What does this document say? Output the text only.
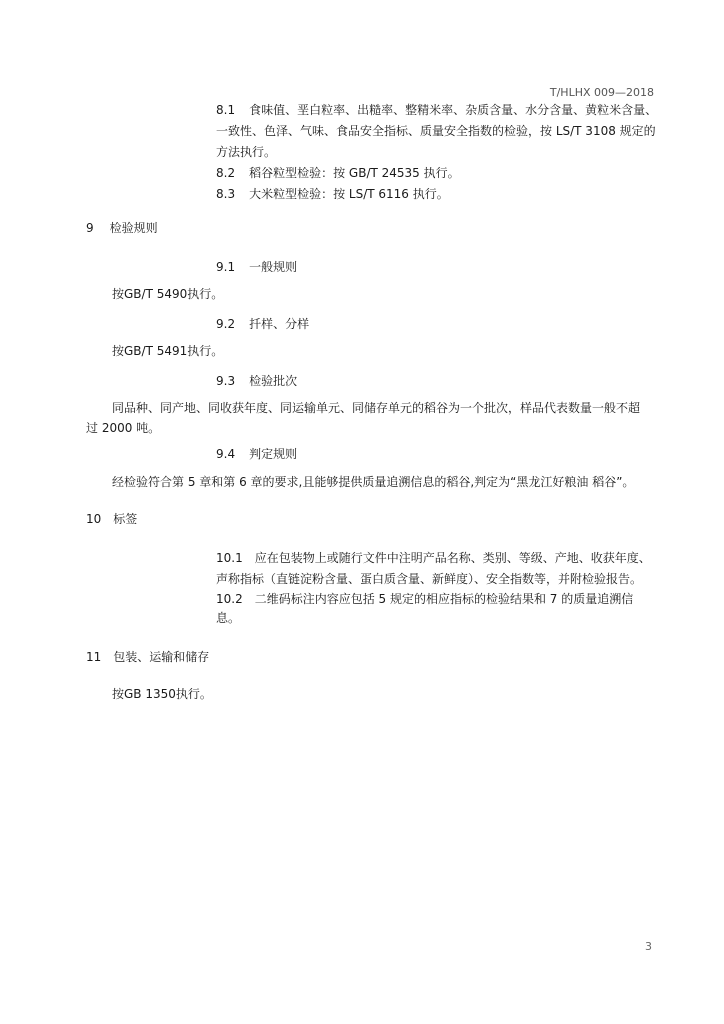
T/HLHX 009—2018
8.1 食味值、垩白粒率、出糙率、整精米率、杂质含量、水分含量、黄粒米含量、
一致性、色泽、气味、食品安全指标、质量安全指数的检验，按 LS/T 3108 规定的
方法执行。
8.2 稻谷粒型检验：按 GB/T 24535 执行。
8.3 大米粒型检验：按 LS/T 6116 执行。
9 检验规则
9.1 一般规则
按GB/T 5490执行。
9.2 扦样、分样
按GB/T 5491执行。
9.3 检验批次
同品种、同产地、同收获年度、同运输单元、同储存单元的稻谷为一个批次，样品代表数量一般不超
过 2000 吨。
9.4 判定规则
经检验符合第 5 章和第 6 章的要求,且能够提供质量追溯信息的稻谷,判定为“黑龙江好粮油 稻谷”。
10 标签
10.1 应在包装物上或随行文件中注明产品名称、类别、等级、产地、收获年度、
声称指标（直链淀粉含量、蛋白质含量、新鲜度）、安全指数等，并附检验报告。
10.2 二维码标注内容应包括 5 规定的相应指标的检验结果和 7 的质量追溯信
息。
11 包装、运输和储存
按GB 1350执行。
3
